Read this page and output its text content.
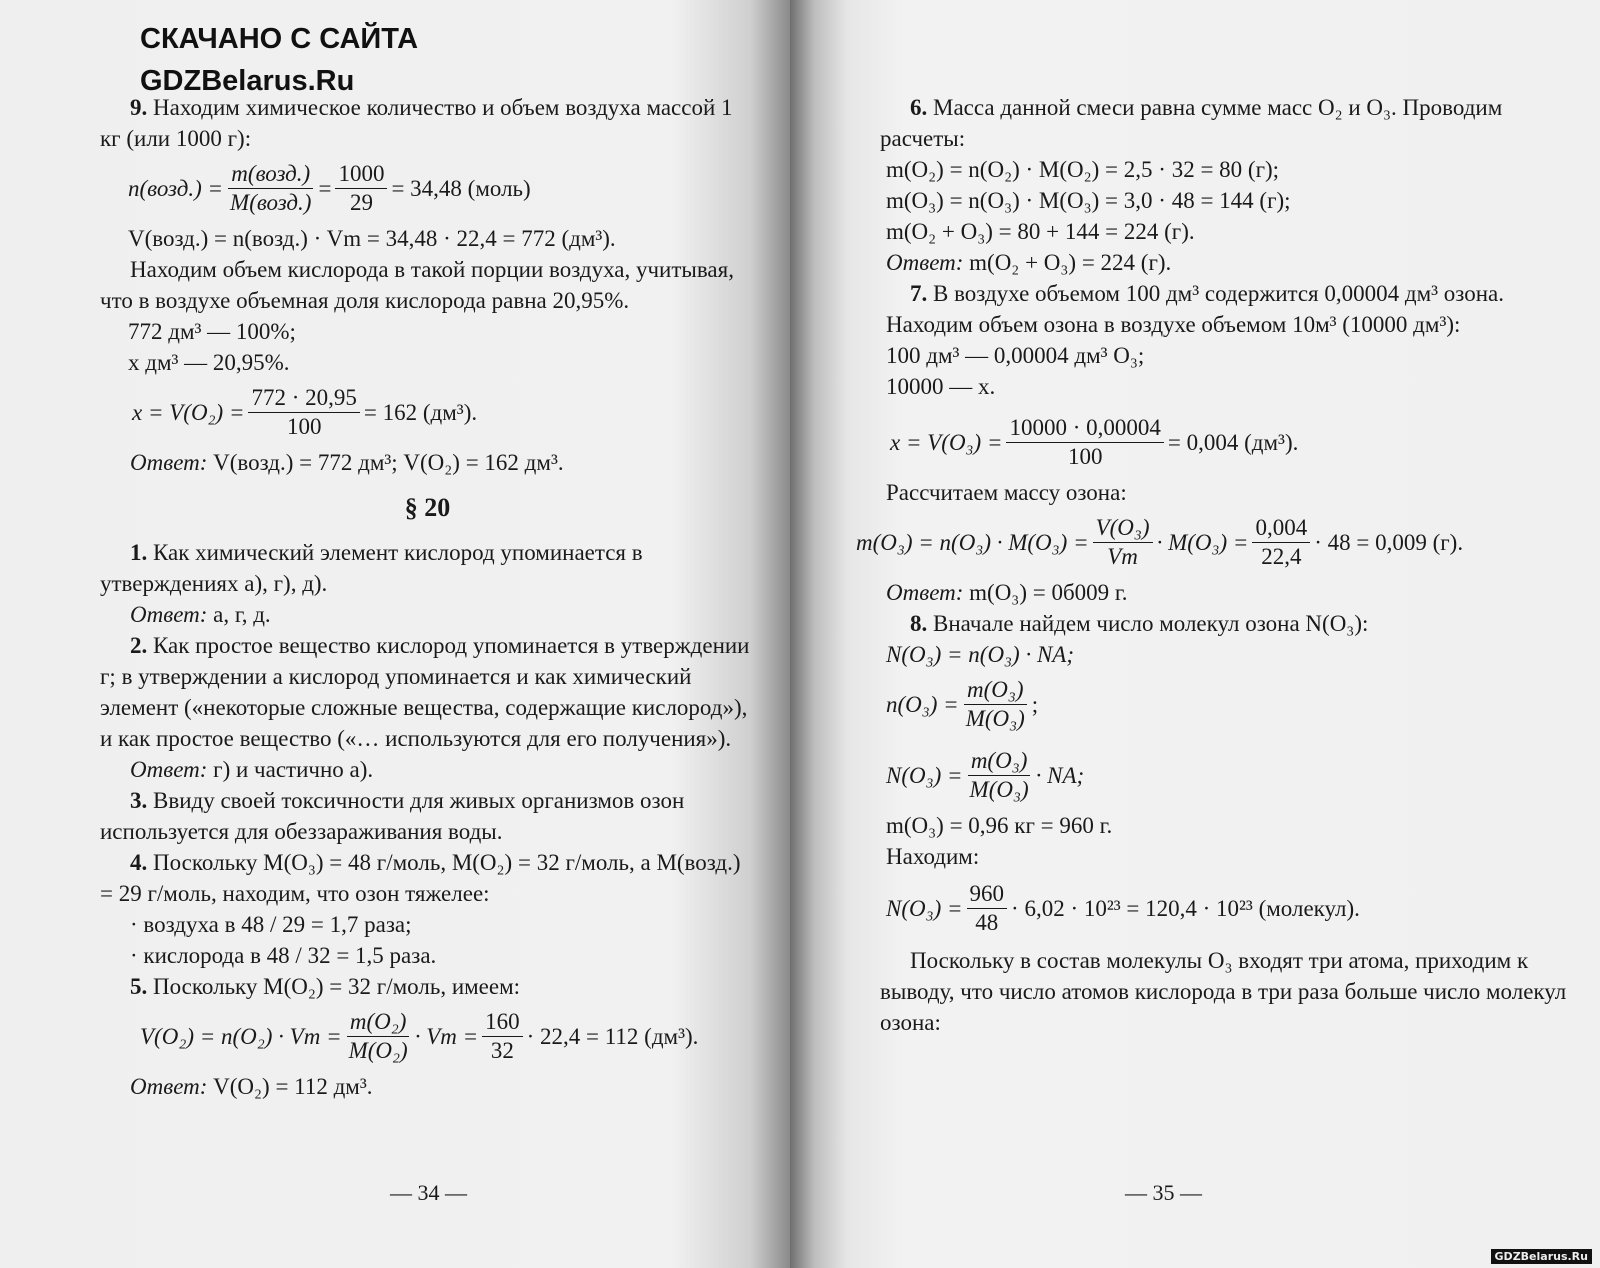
СКАЧАНО С САЙТА
GDZBelarus.Ru

9. Находим химическое количество и объем воздуха массой 1 кг (или 1000 г):

n(возд.) = $\frac{\text{m(возд.)}}{\text{M(возд.)}} = \frac{1000}{29} = 34,48$ (моль)

V(возд.) = n(возд.) · Vm = 34,48 · 22,4 = 772 (дм³).

Находим объем кислорода в такой порции воздуха, учитывая, что в воздухе объемная доля кислорода равна 20,95%.

772 дм³ — 100%;

x дм³ — 20,95%.

$x = V(O_2) = \frac{772 \cdot 20,95}{100} = 162$ (дм³).

Ответ: V(возд.) = 772 дм³; V(O₂) = 162 дм³.

§ 20

1. Как химический элемент кислород упоминается в утверждениях а), г), д).

Ответ: а, г, д.

2. Как простое вещество кислород упоминается в утверждении г; в утверждении а кислород упоминается и как химический элемент («некоторые сложные вещества, содержащие кислород»), и как простое вещество («… используются для его получения»).

Ответ: г) и частично а).

3. Ввиду своей токсичности для живых организмов озон используется для обеззараживания воды.

4. Поскольку M(O₃) = 48 г/моль, M(O₂) = 32 г/моль, а M(возд.) = 29 г/моль, находим, что озон тяжелее:

· воздуха в 48 / 29 = 1,7 раза;

· кислорода в 48 / 32 = 1,5 раза.

5. Поскольку M(O₂) = 32 г/моль, имеем:

$V(O_2) = n(O_2) \cdot Vm = \frac{\text{m(O₂)}}{\text{M(O₂)}} \cdot Vm = \frac{160}{32} \cdot 22,4 = 112$ (дм³).

Ответ: V(O₂) = 112 дм³.

— 34 —

6. Масса данной смеси равна сумме масс O₂ и O₃. Проводим расчеты:

m(O₂) = n(O₂) · M(O₂) = 2,5 · 32 = 80 (г);

m(O₃) = n(O₃) · M(O₃) = 3,0 · 48 = 144 (г);

m(O₂ + O₃) = 80 + 144 = 224 (г).

Ответ: m(O₂ + O₃) = 224 (г).

7. В воздухе объемом 100 дм³ содержится 0,00004 дм³ озона.

Находим объем озона в воздухе объемом 10м³ (10000 дм³):

100 дм³ — 0,00004 дм³ O₃;

10000 — x.

$x = V(O_3) = \frac{10000 \cdot 0,00004}{100} = 0,004$ (дм³).

Рассчитаем массу озона:

$m(O_3) = n(O_3) \cdot M(O_3) = \frac{\text{V(O₃)}}{Vm} \cdot M(O_3) = \frac{0,004}{22,4} \cdot 48 = 0,009$ (г).

Ответ: m(O₃) = 0б009 г.

8. Вначале найдем число молекул озона N(O₃):

N(O₃) = n(O₃) · NA;

$n(O_3) = \frac{\text{m(O₃)}}{\text{M(O₃)}}$ ;
$N(O_3) = \frac{\text{m(O₃)}}{\text{M(O₃)}}$ · NA;

m(O₃) = 0,96 кг = 960 г.

Находим:

$N(O_3) = \frac{960}{48} \cdot 6,02 \cdot 10^{23} = 120,4 \cdot 10^{23}$ (молекул).

Поскольку в состав молекулы O₃ входят три атома, приходим к выводу, что число атомов кислорода в три раза больше число молекул озона:

— 35 —
GDZBelarus.Ru
